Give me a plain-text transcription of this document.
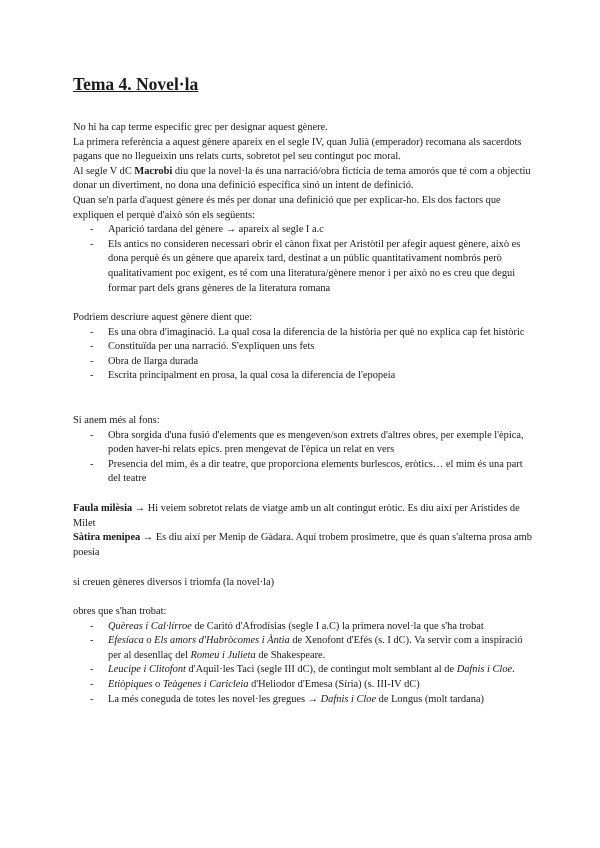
Tema 4. Novel·la

No hi ha cap terme específic grec per designar aquest gènere.

La primera referència a aquest gènere apareix en el segle IV, quan Julià (emperador) recomana als sacerdots pagans que no llegueixin uns relats curts, sobretot pel seu contingut poc moral.

Al segle V dC Macrobi diu que la novel·la és una narració/obra fictícia de tema amorós que té com a objectiu donar un divertiment, no dona una definició específica sinó un intent de definició.

Quan se'n parla d'aquest gènere és més per donar una definició que per explicar-ho. Els dos factors que expliquen el perquè d'això són els següents:

- Aparició tardana del gènere → apareix al segle I a.c
- Els antics no consideren necessari obrir el cànon fixat per Aristòtil per afegir aquest gènere, això es dona perquè és un gènere que apareix tard, destinat a un públic quantitativament nombrós però qualitativament poc exigent, es té com una literatura/gènere menor i per això no es creu que degui formar part dels grans gèneres de la literatura romana

Podriem descriure aquest gènere dient que:

- Es una obra d'imaginació. La qual cosa la diferencia de la història per què no explica cap fet històric
- Constituïda per una narració. S'expliquen uns fets
- Obra de llarga durada
- Escrita principalment en prosa, la qual cosa la diferencia de l'epopeia

Si anem més al fons:

- Obra sorgida d'una fusió d'elements que es mengeven/son extrets d'altres obres, per exemple l'èpica, poden haver-hi relats epics. pren mengevat de l'èpica un relat en vers
- Presencia del mim, és a dir teatre, que proporciona elements burlescos, eròtics… el mim és una part del teatre

Faula milèsia → Hi veiem sobretot relats de viatge amb un alt contingut eròtic. Es diu així per Arístides de Milet

Sàtira menipea → Es diu així per Menip de Gàdara. Aquí trobem prosimetre, que és quan s'alterna prosa amb poesia

si creuen gèneres diversos i triomfa (la novel·la)

obres que s'han trobat:

- Quèreas i Cal·lírroe de Caritó d'Afrodísias (segle I a.C) la primera novel·la que s'ha trobat
- Efesíaca o Els amors d'Habròcomes i Àntia de Xenofont d'Efés (s. I dC). Va servir com a inspiració per al desenllaç del Romeu i Julieta de Shakespeare.
- Leucipe i Clitofont d'Aquil·les Taci (segle III dC), de contingut molt semblant al de Dafnis i Cloe.
- Etiòpiques o Teàgenes i Caricleia d'Heliodor d'Emesa (Síria) (s. III-IV dC)
- La més coneguda de totes les novel·les gregues → Dafnis i Cloe de Longus (molt tardana)
